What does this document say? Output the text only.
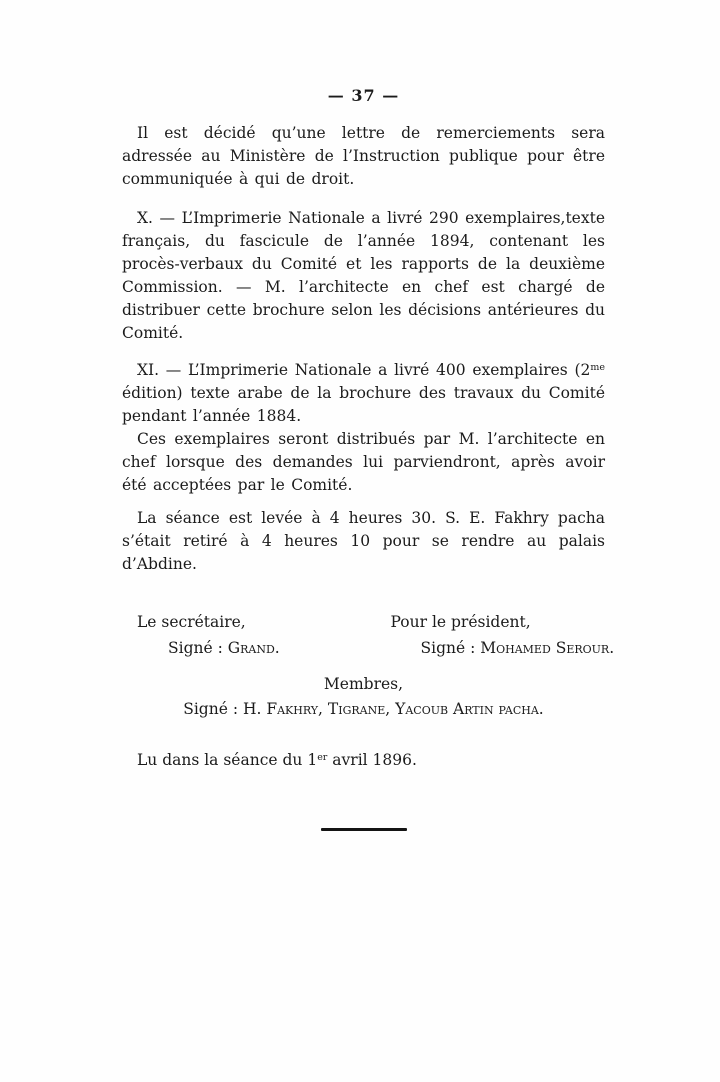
— 37 —

Il est décidé qu’une lettre de remerciements sera adressée au Ministère de l’Instruction publique pour être communiquée à qui de droit.

X. — L’Imprimerie Nationale a livré 290 exemplaires,texte français, du fascicule de l’année 1894, contenant les procès-verbaux du Comité et les rapports de la deuxième Commission. — M. l’architecte en chef est chargé de distribuer cette brochure selon les décisions antérieures du Comité.

XI. — L’Imprimerie Nationale a livré 400 exemplaires ($2^{me}$ édition) texte arabe de la brochure des travaux du Comité pendant l’année 1884.

Ces exemplaires seront distribués par M. l’architecte en chef lorsque des demandes lui parviendront, après avoir été acceptées par le Comité.

La séance est levée à 4 heures 30. S. E. Fakhry pacha s’était retiré à 4 heures 10 pour se rendre au palais d’Abdine.

Le secrétaire,
Signé : Grand.
Pour le président,
Signé : Mohamed Serour.
Membres,
Signé : H. Fakhry, Tigrane, Yacoub Artin pacha.

Lu dans la séance du 1er avril 1896.
